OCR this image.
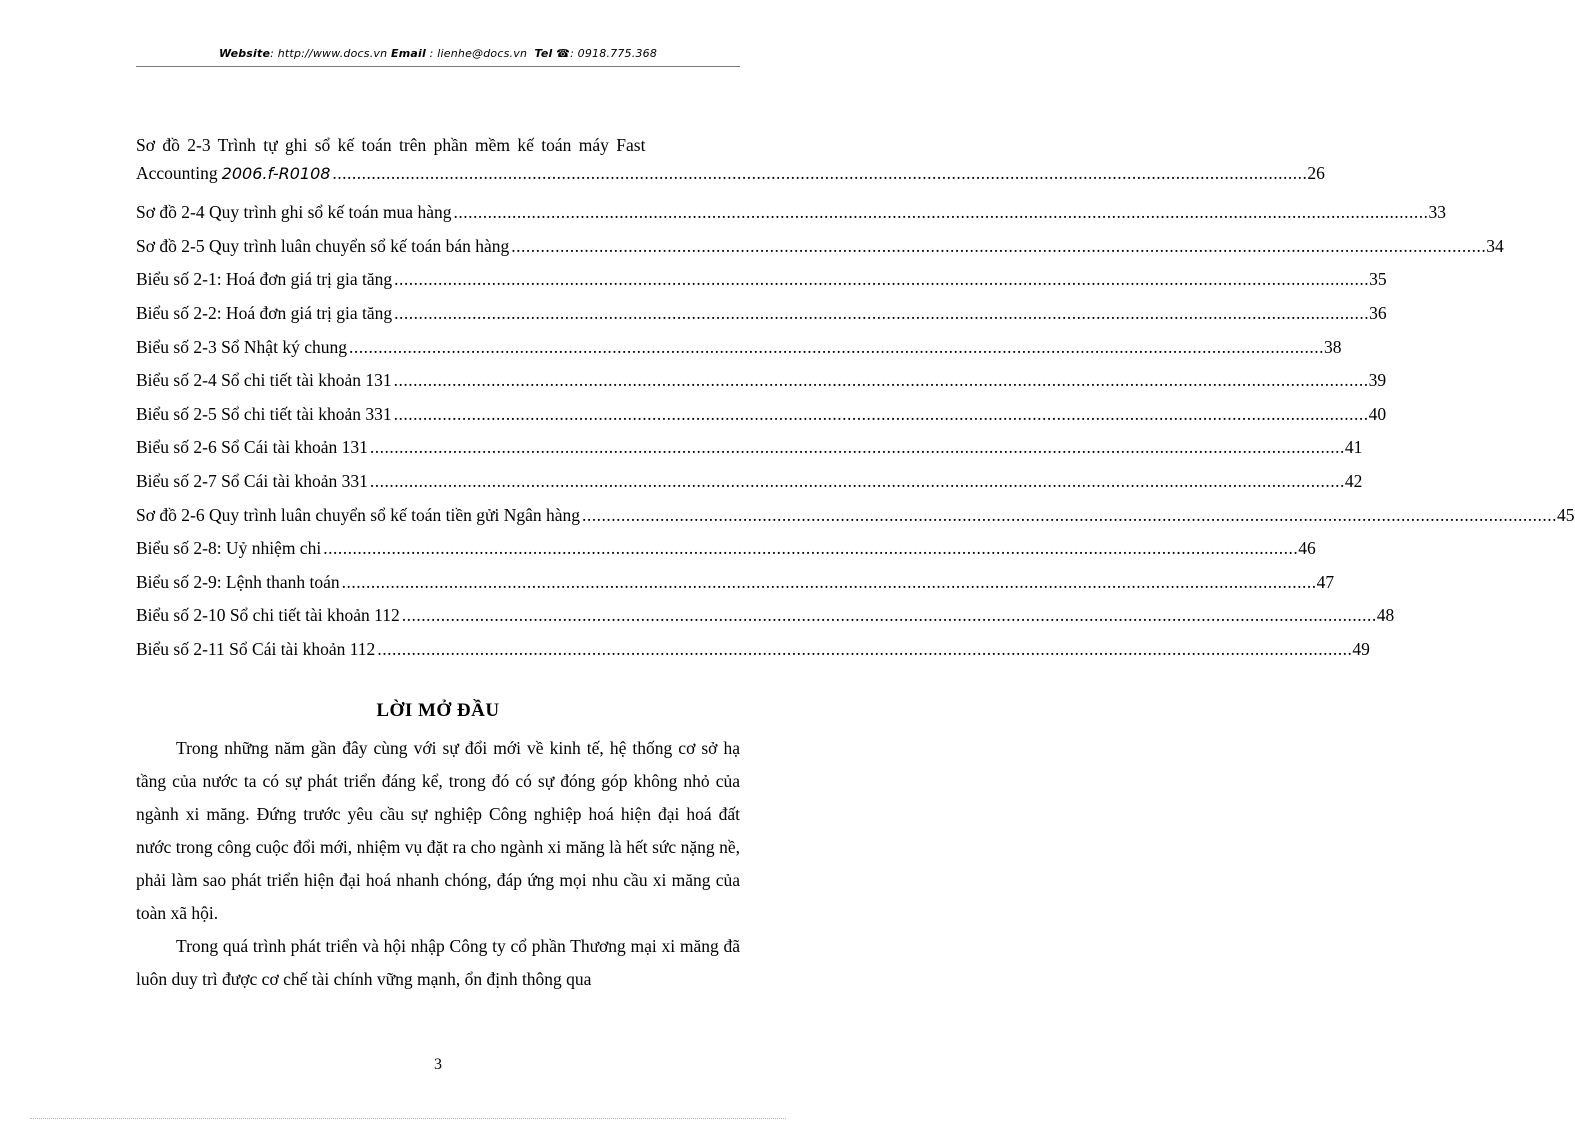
Website: http://www.docs.vn Email : lienhe@docs.vn Tel ☎: 0918.775.368
Sơ đồ 2-3 Trình tự ghi sổ kế toán trên phần mềm kế toán máy Fast
Accounting 2006.f-R0108 ........................................................................................................................................................................................................ 26
Sơ đồ 2-4 Quy trình ghi sổ kế toán mua hàng ........................................................................................................................................................................................................ 33
Sơ đồ 2-5 Quy trình luân chuyển sổ kế toán bán hàng ........................................................................................................................................................................................................ 34
Biểu số 2-1: Hoá đơn giá trị gia tăng ........................................................................................................................................................................................................ 35
Biểu số 2-2: Hoá đơn giá trị gia tăng ........................................................................................................................................................................................................ 36
Biểu số 2-3 Sổ Nhật ký chung ........................................................................................................................................................................................................ 38
Biểu số 2-4 Sổ chi tiết tài khoản 131 ........................................................................................................................................................................................................ 39
Biểu số 2-5 Sổ chi tiết tài khoản 331 ........................................................................................................................................................................................................ 40
Biểu số 2-6 Sổ Cái tài khoản 131 ........................................................................................................................................................................................................ 41
Biểu số 2-7 Sổ Cái tài khoản 331 ........................................................................................................................................................................................................ 42
Sơ đồ 2-6 Quy trình luân chuyển sổ kế toán tiền gửi Ngân hàng ........................................................................................................................................................................................................ 45
Biểu số 2-8: Uỷ nhiệm chi ........................................................................................................................................................................................................ 46
Biểu số 2-9: Lệnh thanh toán ........................................................................................................................................................................................................ 47
Biểu số 2-10 Sổ chi tiết tài khoản 112 ........................................................................................................................................................................................................ 48
Biểu số 2-11 Sổ Cái tài khoản 112 ........................................................................................................................................................................................................ 49
LỜI MỞ ĐẦU

Trong những năm gần đây cùng với sự đổi mới về kinh tế, hệ thống cơ sở hạ tầng của nước ta có sự phát triển đáng kể, trong đó có sự đóng góp không nhỏ của ngành xi măng. Đứng trước yêu cầu sự nghiệp Công nghiệp hoá hiện đại hoá đất nước trong công cuộc đổi mới, nhiệm vụ đặt ra cho ngành xi măng là hết sức nặng nề, phải làm sao phát triển hiện đại hoá nhanh chóng, đáp ứng mọi nhu cầu xi măng của toàn xã hội.

Trong quá trình phát triển và hội nhập Công ty cổ phần Thương mại xi măng đã luôn duy trì được cơ chế tài chính vững mạnh, ổn định thông qua

3
